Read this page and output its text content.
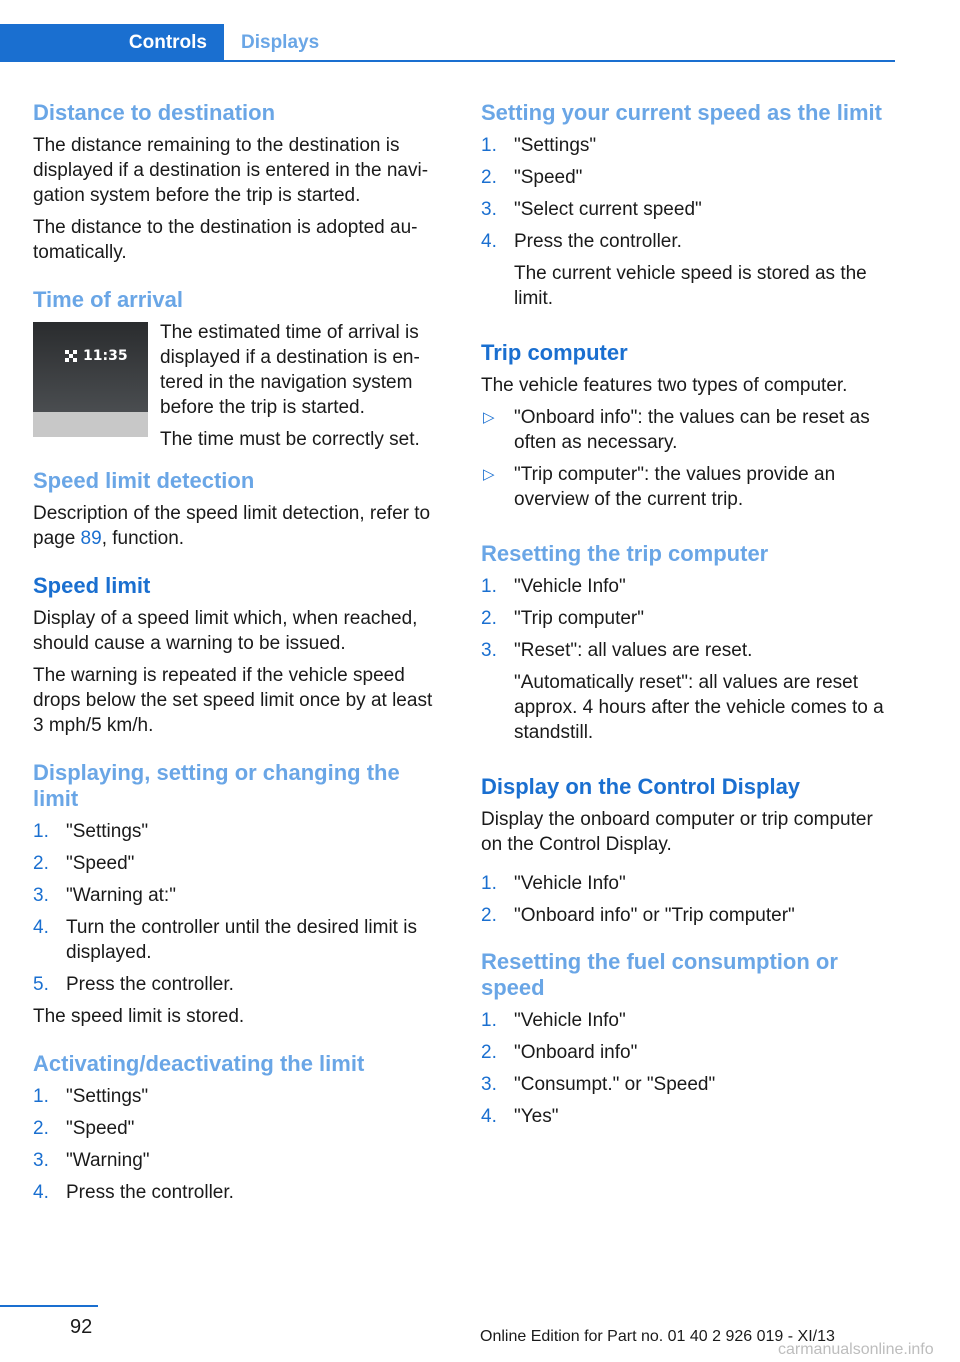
Controls	Displays
Distance to destination

The distance remaining to the destination is displayed if a destination is entered in the navi-gation system before the trip is started.

The distance to the destination is adopted au-tomatically.

Time of arrival
11:35

The estimated time of arrival is displayed if a destination is en-tered in the navigation system before the trip is started.

The time must be correctly set.

Speed limit detection

Description of the speed limit detection, refer to page 89, function.

Speed limit

Display of a speed limit which, when reached, should cause a warning to be issued.

The warning is repeated if the vehicle speed drops below the set speed limit once by at least 3 mph/5 km/h.

Displaying, setting or changing the limit
1. "Settings"
2. "Speed"
3. "Warning at:"
4. Turn the controller until the desired limit is displayed.
5. Press the controller.

The speed limit is stored.

Activating/deactivating the limit
1. "Settings"
2. "Speed"
3. "Warning"
4. Press the controller.
Setting your current speed as the limit
1. "Settings"
2. "Speed"
3. "Select current speed"
4. Press the controller.
The current vehicle speed is stored as the limit.
Trip computer

The vehicle features two types of computer.

▷ "Onboard info": the values can be reset as often as necessary.
▷ "Trip computer": the values provide an overview of the current trip.
Resetting the trip computer
1. "Vehicle Info"
2. "Trip computer"
3. "Reset": all values are reset.
"Automatically reset": all values are reset approx. 4 hours after the vehicle comes to a standstill.
Display on the Control Display

Display the onboard computer or trip computer on the Control Display.

1. "Vehicle Info"
2. "Onboard info" or "Trip computer"
Resetting the fuel consumption or speed
1. "Vehicle Info"
2. "Onboard info"
3. "Consumpt." or "Speed"
4. "Yes"
92	Online Edition for Part no. 01 40 2 926 019 - XI/13
carmanualsonline.info
